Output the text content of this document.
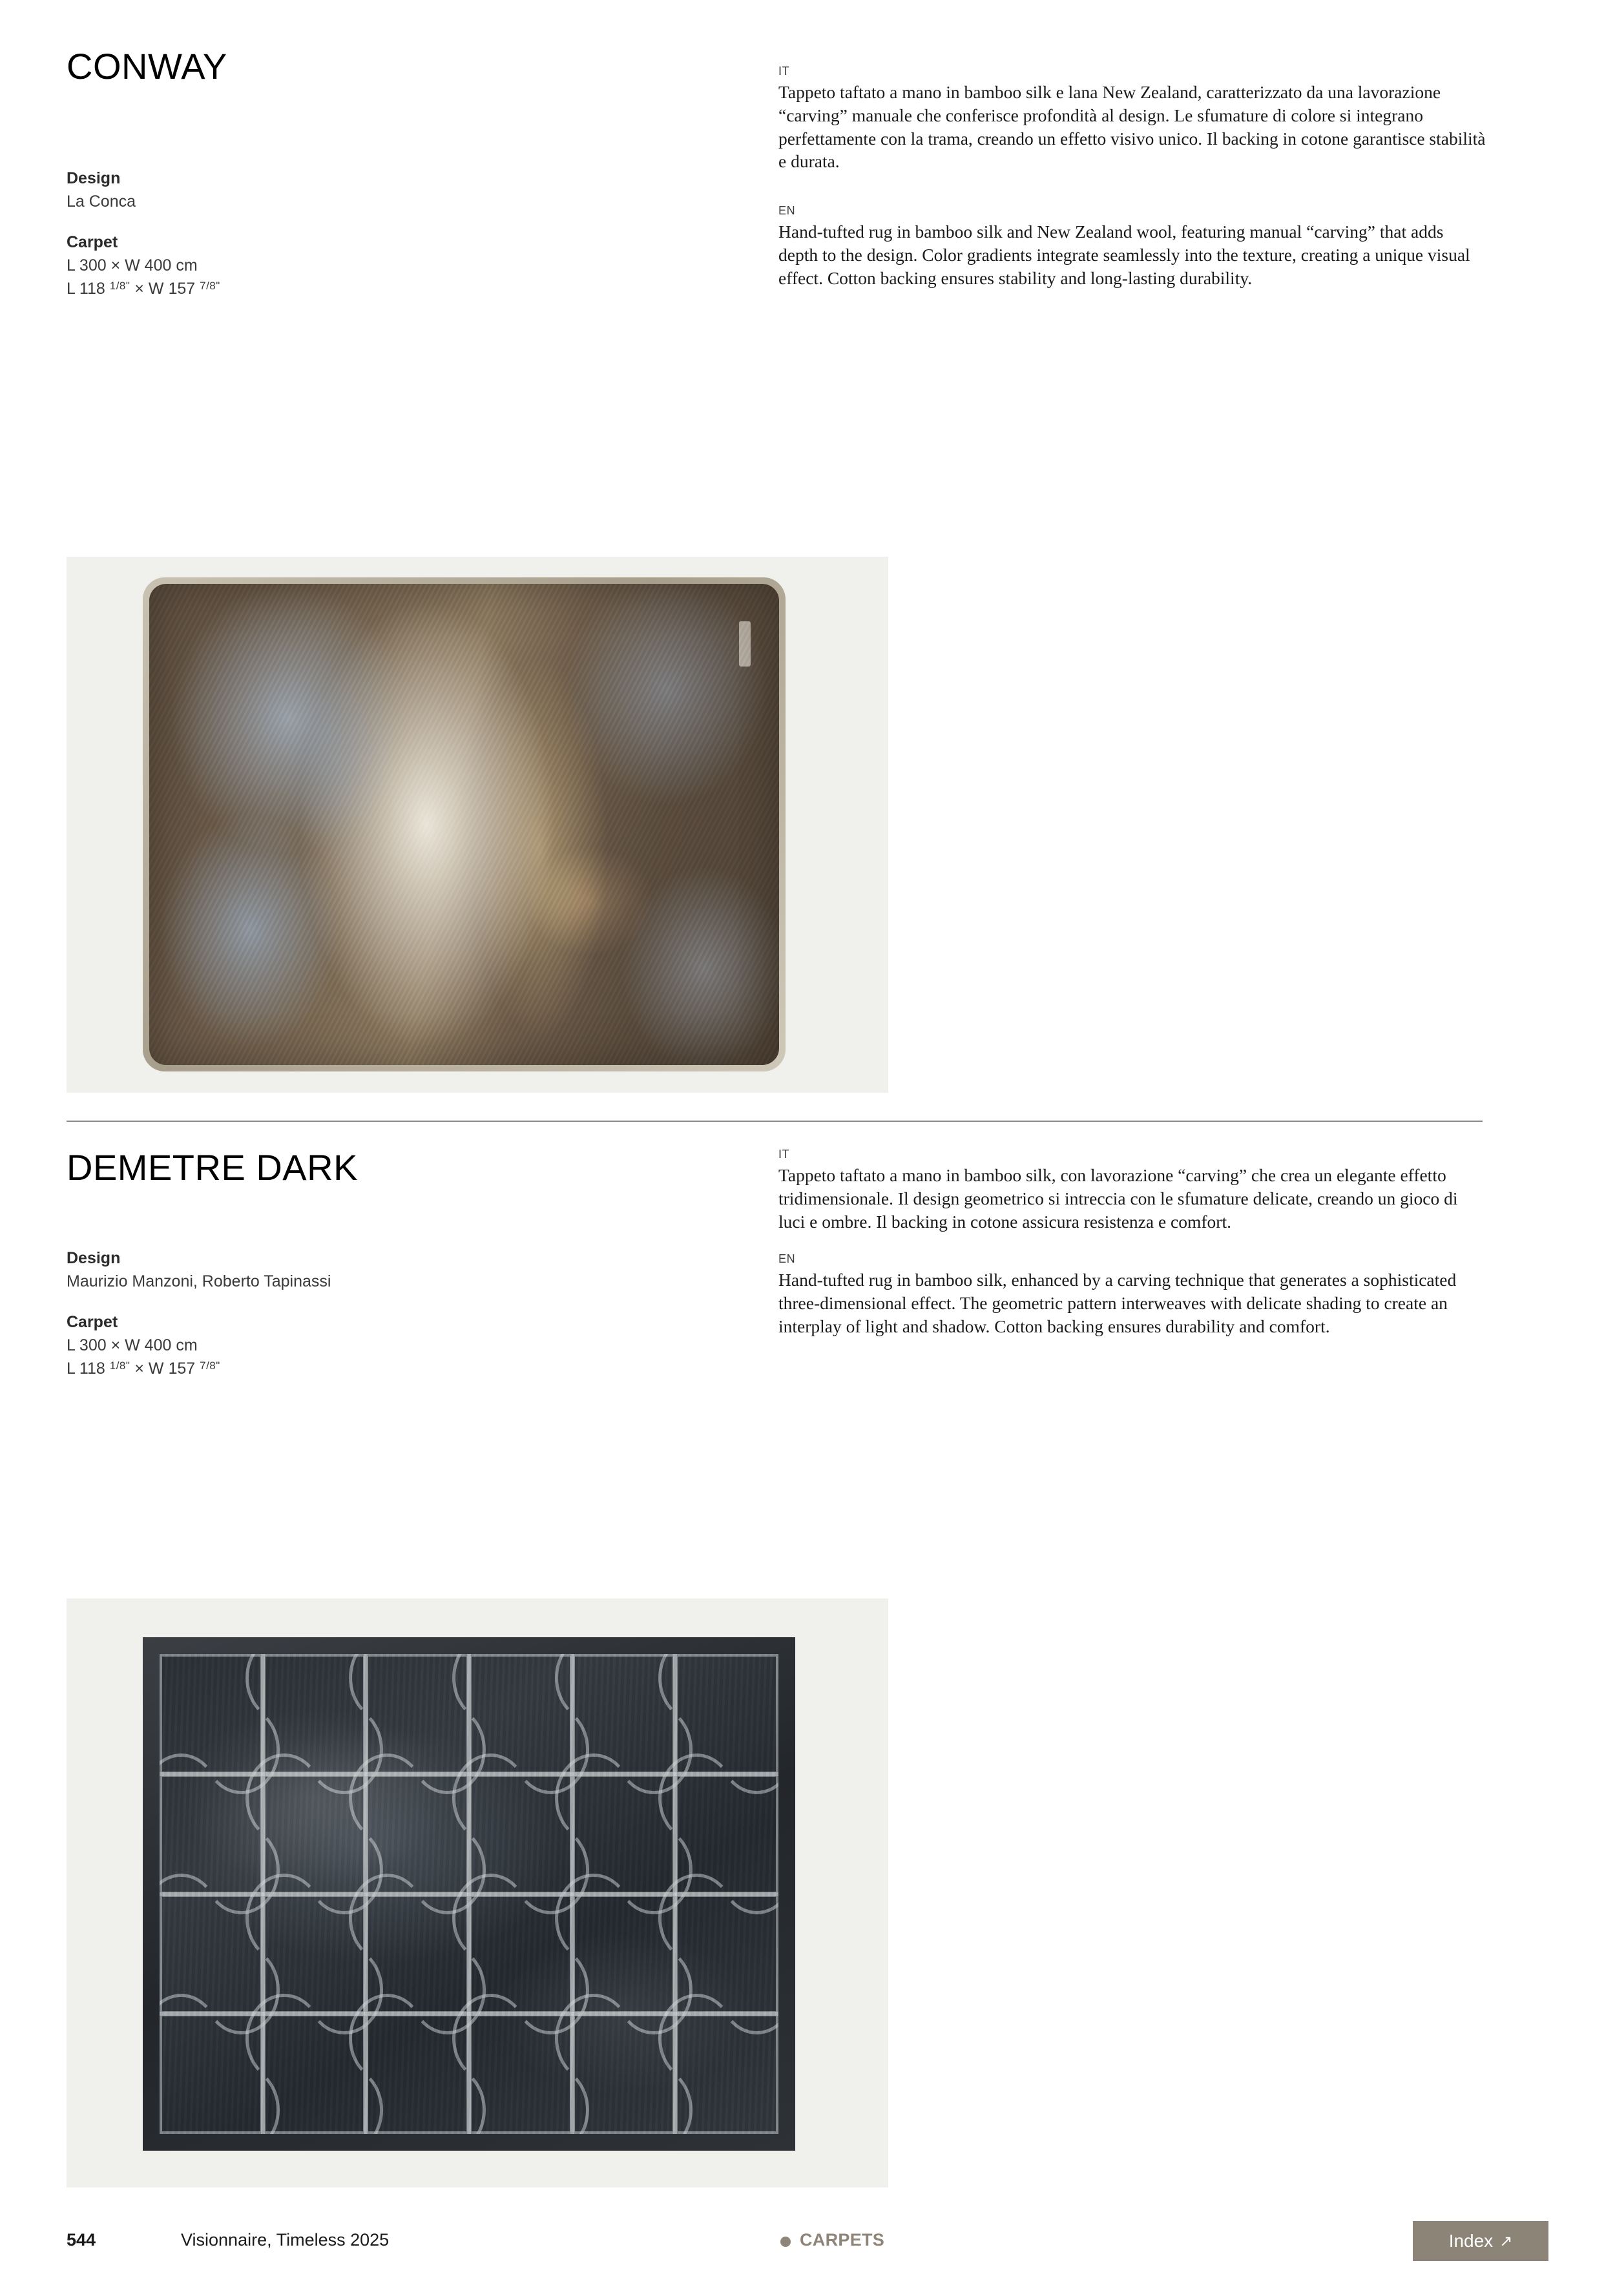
CONWAY
Design
La Conca
Carpet
L 300 × W 400 cm
L 118 $^{1/8"}$ × W 157 $^{7/8"}$
IT

Tappeto taftato a mano in bamboo silk e lana New Zealand, caratterizzato da una lavorazione “carving” manuale che conferisce profondità al design. Le sfumature di colore si integrano perfettamente con la trama, creando un effetto visivo unico. Il backing in cotone garantisce stabilità e durata.

EN

Hand-tufted rug in bamboo silk and New Zealand wool, featuring manual “carving” that adds depth to the design. Color gradients integrate seamlessly into the texture, creating a unique visual effect. Cotton backing ensures stability and long-lasting durability.

DEMETRE DARK
Design
Maurizio Manzoni, Roberto Tapinassi
Carpet
L 300 × W 400 cm
L 118 $^{1/8"}$ × W 157 $^{7/8"}$
IT

Tappeto taftato a mano in bamboo silk, con lavorazione “carving” che crea un elegante effetto tridimensionale. Il design geometrico si intreccia con le sfumature delicate, creando un gioco di luci e ombre. Il backing in cotone assicura resistenza e comfort.

EN

Hand-tufted rug in bamboo silk, enhanced by a carving technique that generates a sophisticated three-dimensional effect. The geometric pattern interweaves with delicate shading to create an interplay of light and shadow. Cotton backing ensures durability and comfort.

544	Visionnaire, Timeless 2025	CARPETS	Index ↗
